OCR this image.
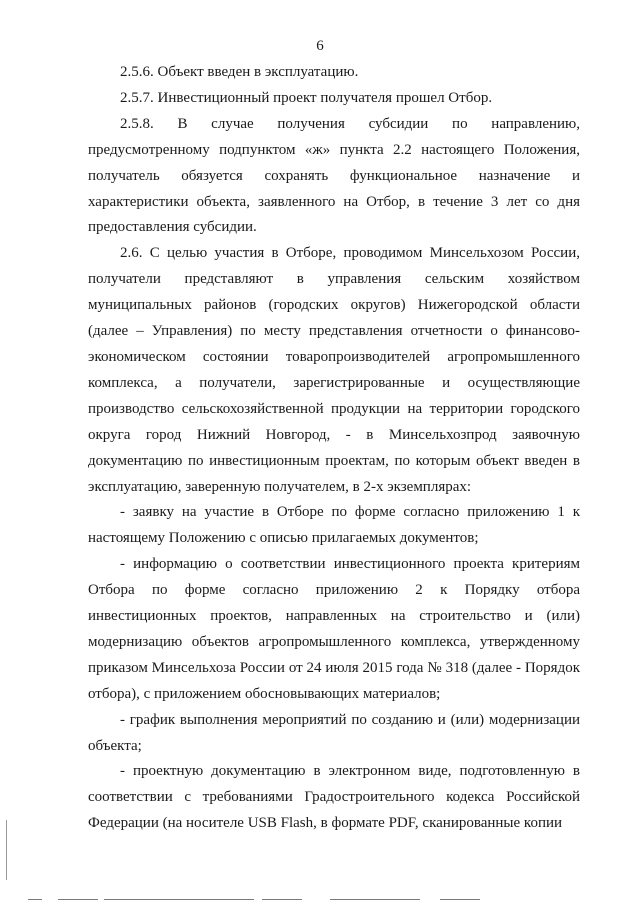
6

2.5.6. Объект введен в эксплуатацию.

2.5.7. Инвестиционный проект получателя прошел Отбор.

2.5.8. В случае получения субсидии по направлению, предусмотренному подпунктом «ж» пункта 2.2 настоящего Положения, получатель обязуется сохранять функциональное назначение и характеристики объекта, заявленного на Отбор, в течение 3 лет со дня предоставления субсидии.

2.6. С целью участия в Отборе, проводимом Минсельхозом России, получатели представляют в управления сельским хозяйством муниципальных районов (городских округов) Нижегородской области (далее – Управления) по месту представления отчетности о финансово-экономическом состоянии товаропроизводителей агропромышленного комплекса, а получатели, зарегистрированные и осуществляющие производство сельскохозяйственной продукции на территории городского округа город Нижний Новгород, - в Минсельхозпрод заявочную документацию по инвестиционным проектам, по которым объект введен в эксплуатацию, заверенную получателем, в 2-х экземплярах:

- заявку на участие в Отборе по форме согласно приложению 1 к настоящему Положению с описью прилагаемых документов;

- информацию о соответствии инвестиционного проекта критериям Отбора по форме согласно приложению 2 к Порядку отбора инвестиционных проектов, направленных на строительство и (или) модернизацию объектов агропромышленного комплекса, утвержденному приказом Минсельхоза России от 24 июля 2015 года № 318 (далее - Порядок отбора), с приложением обосновывающих материалов;

- график выполнения мероприятий по созданию и (или) модернизации объекта;

- проектную документацию в электронном виде, подготовленную в соответствии с требованиями Градостроительного кодекса Российской Федерации (на носителе USB Flash, в формате PDF, сканированные копии
